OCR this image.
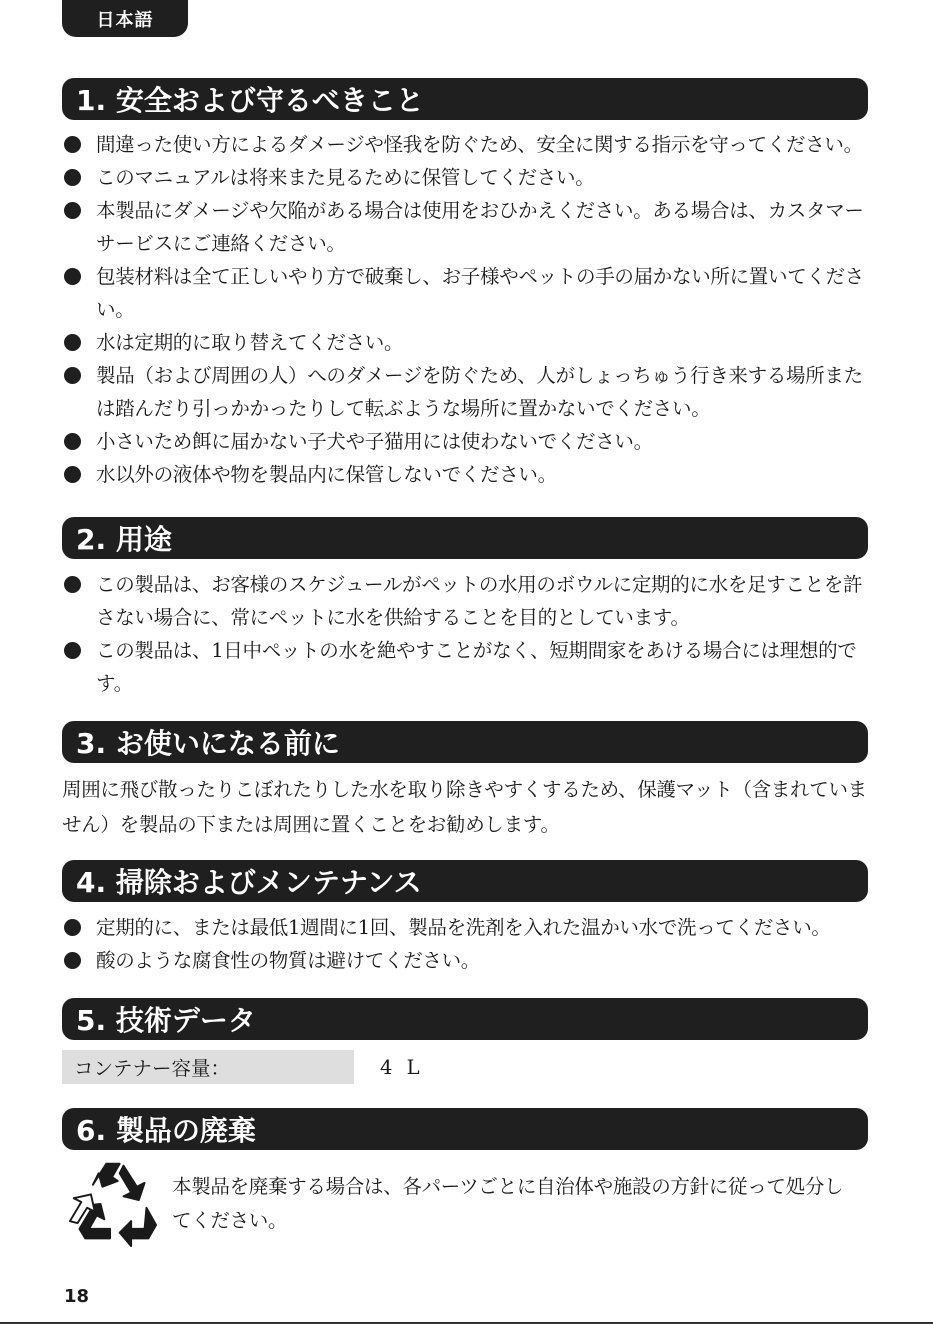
日本語
1. 安全および守るべきこと
間違った使い方によるダメージや怪我を防ぐため、安全に関する指示を守ってください。
このマニュアルは将来また見るために保管してください。
本製品にダメージや欠陥がある場合は使用をおひかえください。ある場合は、カスタマーサービスにご連絡ください。
包装材料は全て正しいやり方で破棄し、お子様やペットの手の届かない所に置いてください。
水は定期的に取り替えてください。
製品（および周囲の人）へのダメージを防ぐため、人がしょっちゅう行き来する場所または踏んだり引っかかったりして転ぶような場所に置かないでください。
小さいため餌に届かない子犬や子猫用には使わないでください。
水以外の液体や物を製品内に保管しないでください。
2. 用途
この製品は、お客様のスケジュールがペットの水用のボウルに定期的に水を足すことを許さない場合に、常にペットに水を供給することを目的としています。
この製品は、1日中ペットの水を絶やすことがなく、短期間家をあける場合には理想的です。
3. お使いになる前に

周囲に飛び散ったりこぼれたりした水を取り除きやすくするため、保護マット（含まれていません）を製品の下または周囲に置くことをお勧めします。

4. 掃除およびメンテナンス
定期的に、または最低1週間に1回、製品を洗剤を入れた温かい水で洗ってください。
酸のような腐食性の物質は避けてください。
5. 技術データ
コンテナー容量：	4 L
6. 製品の廃棄

本製品を廃棄する場合は、各パーツごとに自治体や施設の方針に従って処分してください。

18
